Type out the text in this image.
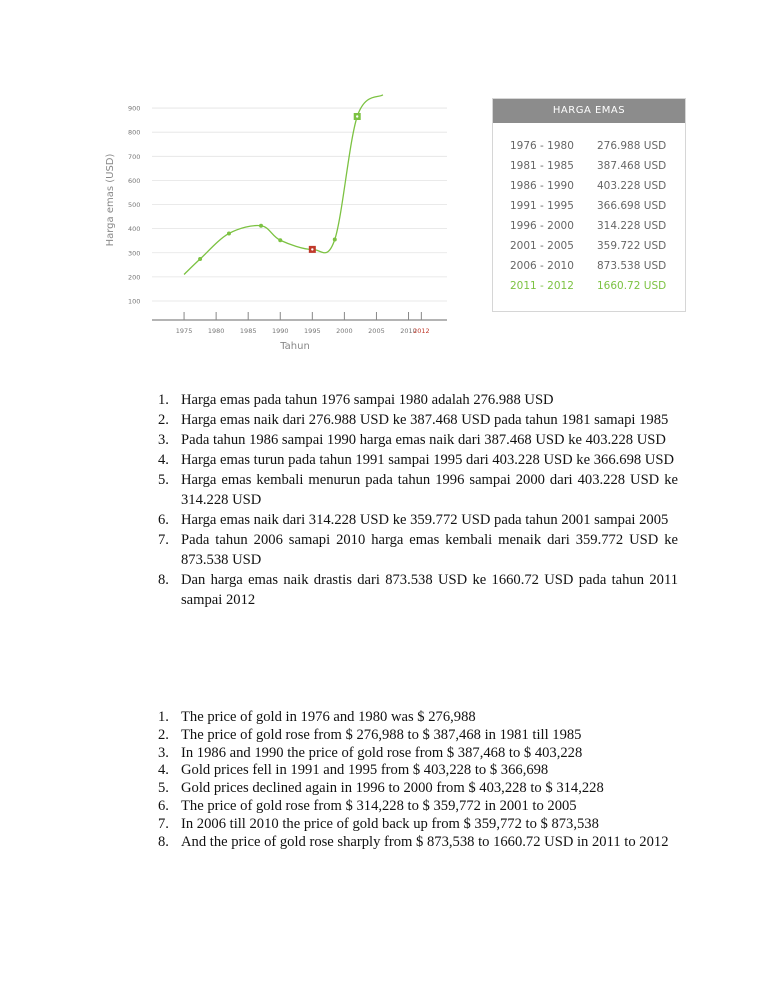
100
200
300
400
500
600
700
800
900
1975 1980 1985 1990 1995 2000 2005 2010
2012
Tahun
Harga emas (USD)
HARGA EMAS
1976 - 1980	276.988 USD
1981 - 1985	387.468 USD
1986 - 1990	403.228 USD
1991 - 1995	366.698 USD
1996 - 2000	314.228 USD
2001 - 2005	359.722 USD
2006 - 2010	873.538 USD
2011 - 2012	1660.72 USD
1. Harga emas pada tahun 1976 sampai 1980 adalah 276.988 USD
2. Harga emas naik dari 276.988 USD ke 387.468 USD pada tahun 1981 samapi 1985
3. Pada tahun 1986 sampai 1990 harga emas naik dari 387.468 USD ke 403.228 USD
4. Harga emas turun pada tahun 1991 sampai 1995 dari 403.228 USD ke 366.698 USD
5. Harga emas kembali menurun pada tahun 1996 sampai 2000 dari 403.228 USD ke 314.228 USD
6. Harga emas naik dari 314.228 USD ke 359.772 USD pada tahun 2001 sampai 2005
7. Pada tahun 2006 samapi 2010 harga emas kembali menaik dari 359.772 USD ke 873.538 USD
8. Dan harga emas naik drastis dari 873.538 USD ke 1660.72 USD pada tahun 2011 sampai 2012
1. The price of gold in 1976 and 1980 was $ 276,988
2. The price of gold rose from $ 276,988 to $ 387,468 in 1981 till 1985
3. In 1986 and 1990 the price of gold rose from $ 387,468 to $ 403,228
4. Gold prices fell in 1991 and 1995 from $ 403,228 to $ 366,698
5. Gold prices declined again in 1996 to 2000 from $ 403,228 to $ 314,228
6. The price of gold rose from $ 314,228 to $ 359,772 in 2001 to 2005
7. In 2006 till 2010 the price of gold back up from $ 359,772 to $ 873,538
8. And the price of gold rose sharply from $ 873,538 to 1660.72 USD in 2011 to 2012
